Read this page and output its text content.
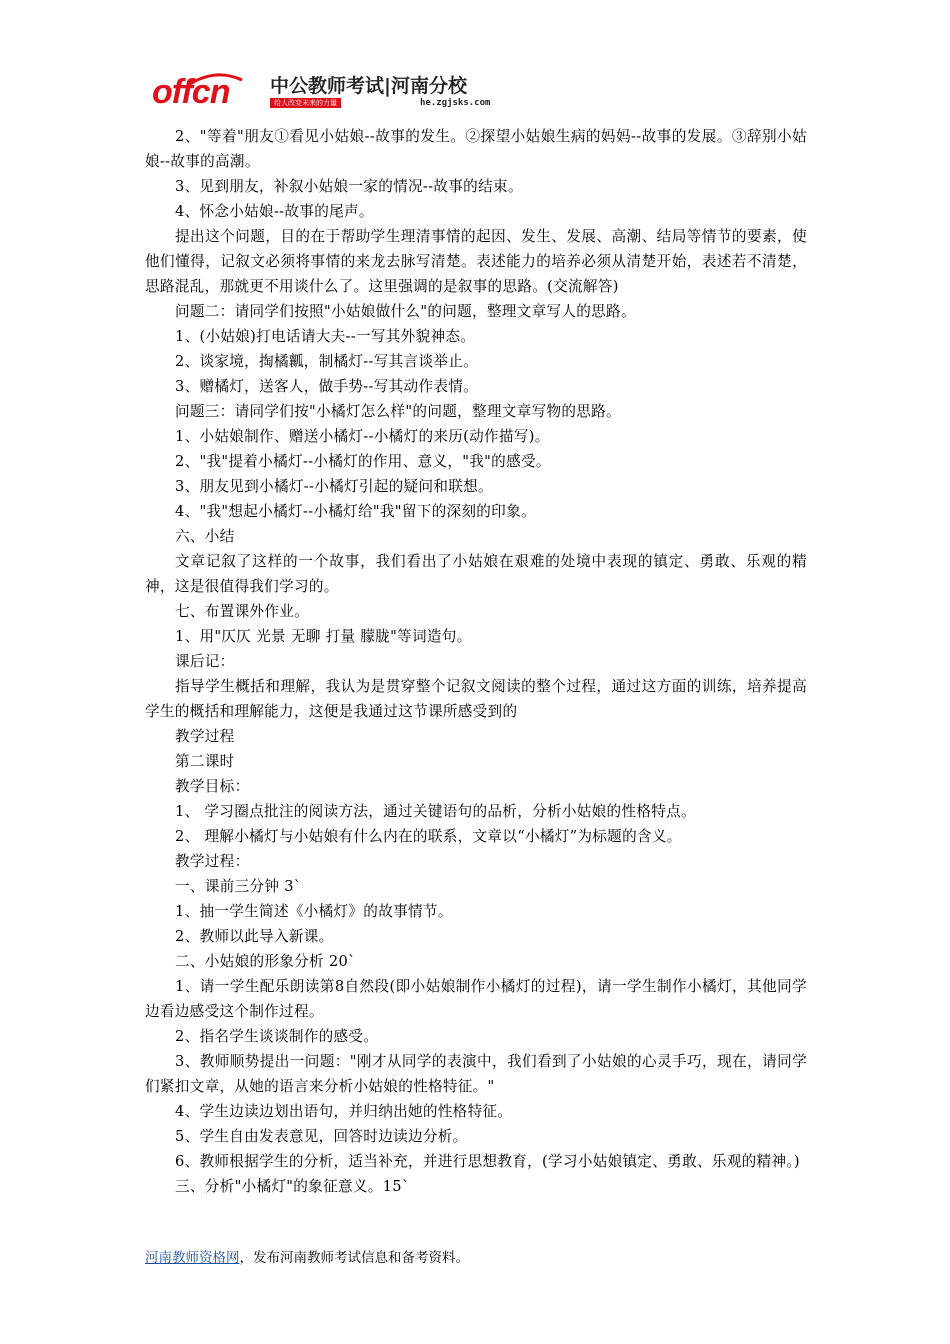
offcn 中公教师考试|河南分校
给人改变未来的力量	he.zgjsks.com

2、"等着"朋友①看见小姑娘--故事的发生。②探望小姑娘生病的妈妈--故事的发展。③辞别小姑娘--故事的高潮。

3、见到朋友，补叙小姑娘一家的情况--故事的结束。

4、怀念小姑娘--故事的尾声。

提出这个问题，目的在于帮助学生理清事情的起因、发生、发展、高潮、结局等情节的要素，使他们懂得，记叙文必须将事情的来龙去脉写清楚。表述能力的培养必须从清楚开始，表述若不清楚，思路混乱，那就更不用谈什么了。这里强调的是叙事的思路。(交流解答)

问题二：请同学们按照"小姑娘做什么"的问题，整理文章写人的思路。

1、(小姑娘)打电话请大夫--一写其外貌神态。

2、谈家境，掏橘瓤，制橘灯--写其言谈举止。

3、赠橘灯，送客人，做手势--写其动作表情。

问题三：请同学们按"小橘灯怎么样"的问题，整理文章写物的思路。

1、小姑娘制作、赠送小橘灯--小橘灯的来历(动作描写)。

2、"我"提着小橘灯--小橘灯的作用、意义，"我"的感受。

3、朋友见到小橘灯--小橘灯引起的疑问和联想。

4、"我"想起小橘灯--小橘灯给"我"留下的深刻的印象。

六、小结

文章记叙了这样的一个故事，我们看出了小姑娘在艰难的处境中表现的镇定、勇敢、乐观的精神，这是很值得我们学习的。

七、布置课外作业。

1、用"仄仄 光景 无聊 打量 朦胧"等词造句。

课后记：

指导学生概括和理解，我认为是贯穿整个记叙文阅读的整个过程，通过这方面的训练，培养提高学生的概括和理解能力，这便是我通过这节课所感受到的

教学过程

第二课时

教学目标：

1、 学习圈点批注的阅读方法，通过关键语句的品析，分析小姑娘的性格特点。

2、 理解小橘灯与小姑娘有什么内在的联系，文章以“小橘灯”为标题的含义。

教学过程：

一、课前三分钟 3`

1、抽一学生简述《小橘灯》的故事情节。

2、教师以此导入新课。

二、小姑娘的形象分析 20`

1、请一学生配乐朗读第8自然段(即小姑娘制作小橘灯的过程)，请一学生制作小橘灯，其他同学边看边感受这个制作过程。

2、指名学生谈谈制作的感受。

3、教师顺势提出一问题："刚才从同学的表演中，我们看到了小姑娘的心灵手巧，现在，请同学们紧扣文章，从她的语言来分析小姑娘的性格特征。"

4、学生边读边划出语句，并归纳出她的性格特征。

5、学生自由发表意见，回答时边读边分析。

6、教师根据学生的分析，适当补充，并进行思想教育，(学习小姑娘镇定、勇敢、乐观的精神。)

三、分析"小橘灯"的象征意义。15`

河南教师资格网，发布河南教师考试信息和备考资料。
